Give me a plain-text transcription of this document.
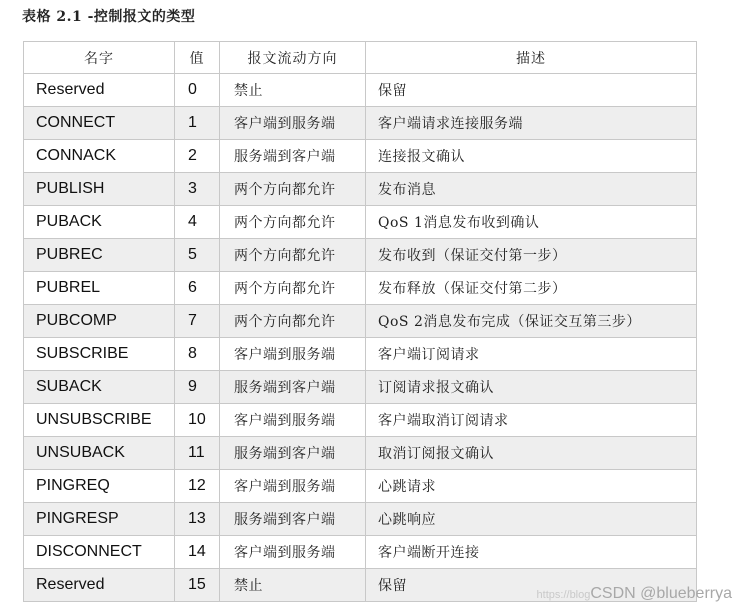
表格 2.1 -控制报文的类型
名字	值	报文流动方向	描述
Reserved	0	禁止	保留
CONNECT	1	客户端到服务端	客户端请求连接服务端
CONNACK	2	服务端到客户端	连接报文确认
PUBLISH	3	两个方向都允许	发布消息
PUBACK	4	两个方向都允许	QoS 1消息发布收到确认
PUBREC	5	两个方向都允许	发布收到（保证交付第一步）
PUBREL	6	两个方向都允许	发布释放（保证交付第二步）
PUBCOMP	7	两个方向都允许	QoS 2消息发布完成（保证交互第三步）
SUBSCRIBE	8	客户端到服务端	客户端订阅请求
SUBACK	9	服务端到客户端	订阅请求报文确认
UNSUBSCRIBE	10	客户端到服务端	客户端取消订阅请求
UNSUBACK	11	服务端到客户端	取消订阅报文确认
PINGREQ	12	客户端到服务端	心跳请求
PINGRESP	13	服务端到客户端	心跳响应
DISCONNECT	14	客户端到服务端	客户端断开连接
Reserved	15	禁止	保留
https://blogCSDN @blueberrya
